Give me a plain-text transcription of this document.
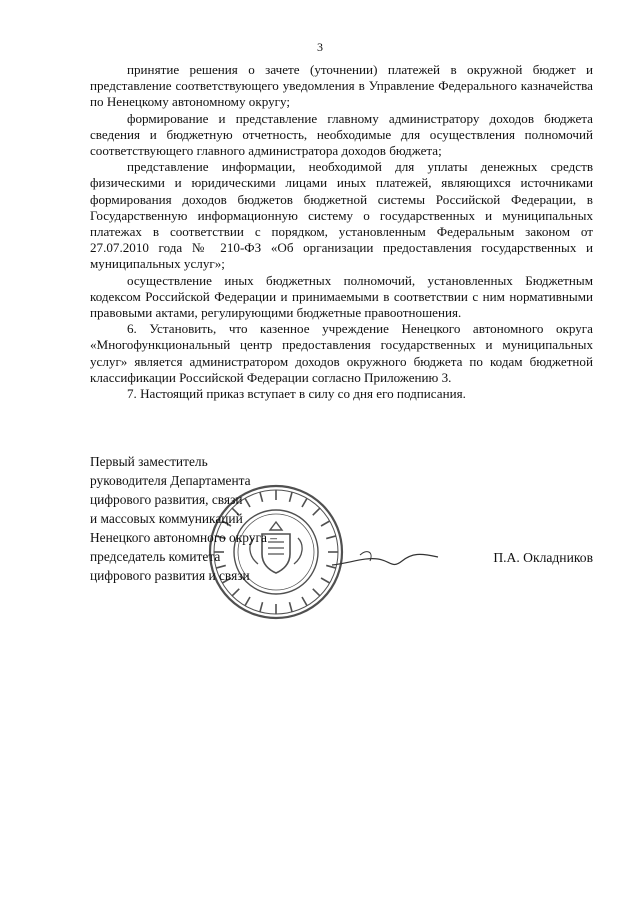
3

принятие решения о зачете (уточнении) платежей в окружной бюджет и представление соответствующего уведомления в Управление Федерального казначейства по Ненецкому автономному округу;

формирование и представление главному администратору доходов бюджета сведения и бюджетную отчетность, необходимые для осуществления полномочий соответствующего главного администратора доходов бюджета;

представление информации, необходимой для уплаты денежных средств физическими и юридическими лицами иных платежей, являющихся источниками формирования доходов бюджетов бюджетной системы Российской Федерации, в Государственную информационную систему о государственных и муниципальных платежах в соответствии с порядком, установленным Федеральным законом от 27.07.2010 года № 210-ФЗ «Об организации предоставления государственных и муниципальных услуг»;

осуществление иных бюджетных полномочий, установленных Бюджетным кодексом Российской Федерации и принимаемыми в соответствии с ним нормативными правовыми актами, регулирующими бюджетные правоотношения.

6. Установить, что казенное учреждение Ненецкого автономного округа «Многофункциональный центр предоставления государственных и муниципальных услуг» является администратором доходов окружного бюджета по кодам бюджетной классификации Российской Федерации согласно Приложению 3.

7. Настоящий приказ вступает в силу со дня его подписания.

Первый заместитель
руководителя Департамента
цифрового развития, связи
и массовых коммуникаций
Ненецкого автономного округа –
председатель комитета
цифрового развития и связи
П.А. Окладников
